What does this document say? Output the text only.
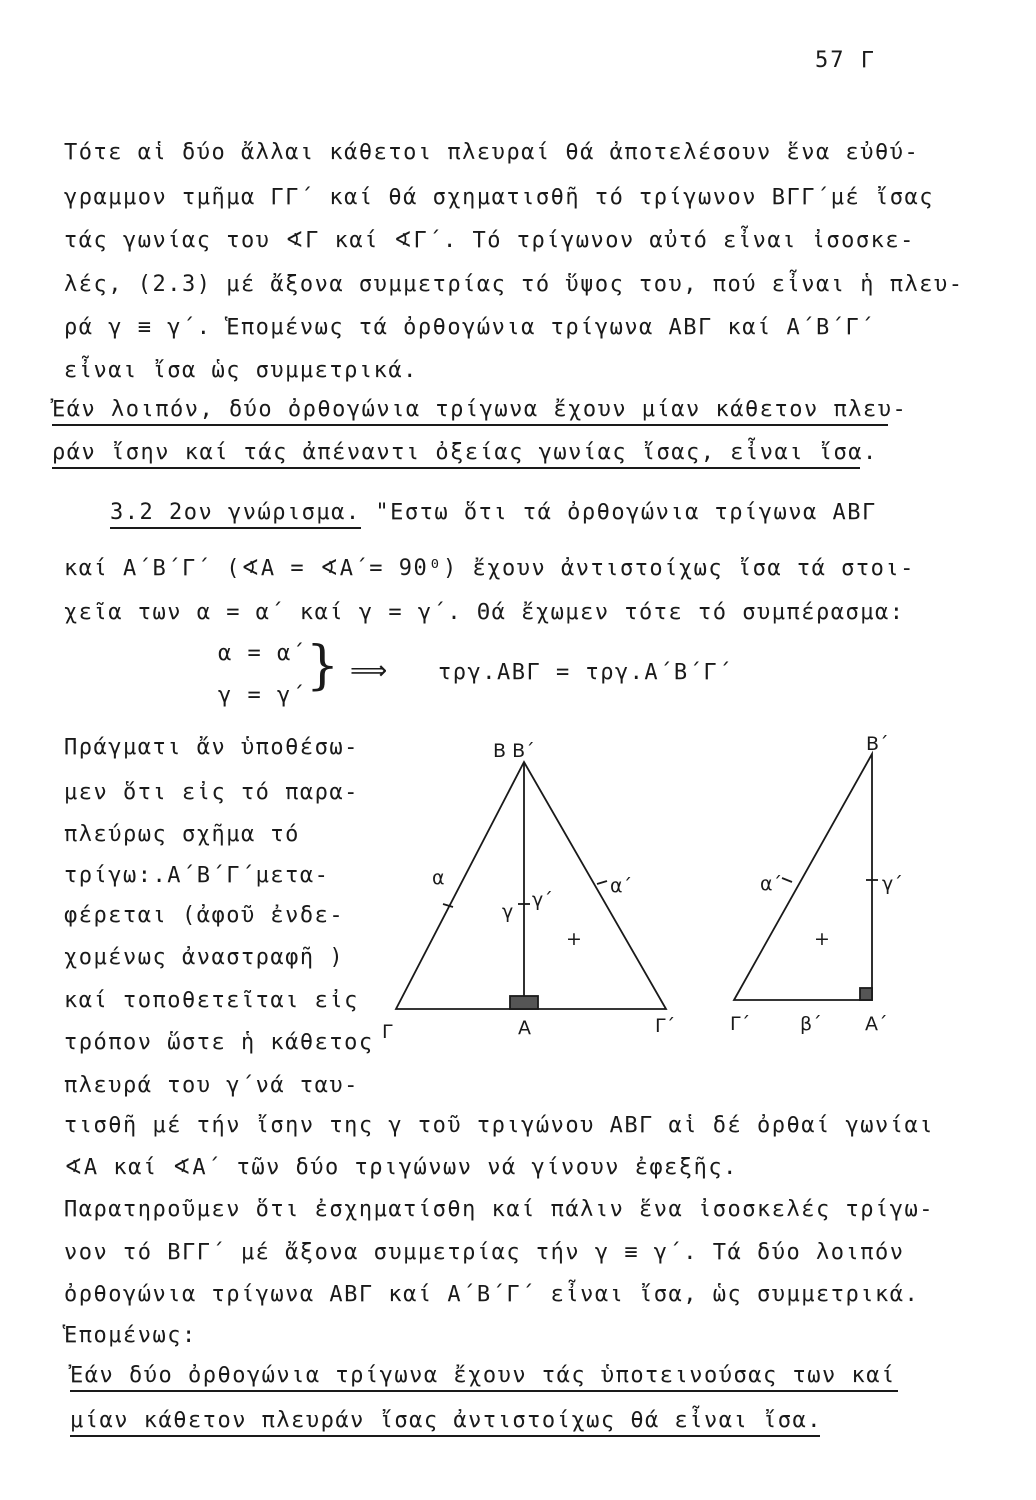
57 Γ
Τότε αἱ δύο ἄλλαι κάθετοι πλευραί θά ἀποτελέσουν ἕνα εὐθύ-
γραμμον τμῆμα ΓΓ΄ καί θά σχηματισθῆ τό τρίγωνον ΒΓΓ΄μέ ἴσας
τάς γωνίας του ∢Γ καί ∢Γ΄. Τό τρίγωνον αὐτό εἶναι ἰσοσκε-
λές, (2.3) μέ ἄξονα συμμετρίας τό ὕψος του, πού εἶναι ἡ πλευ-
ρά γ ≡ γ΄. Ἑπομένως τά ὀρθογώνια τρίγωνα ΑΒΓ καί Α΄Β΄Γ΄
εἶναι ἴσα ὡς συμμετρικά.
Ἐάν λοιπόν, δύο ὀρθογώνια τρίγωνα ἔχουν μίαν κάθετον πλευ-
ράν ἴσην καί τάς ἀπέναντι ὀξείας γωνίας ἴσας, εἶναι ἴσα.
3.2 2ον γνώρισμα. "Εστω ὅτι τά ὀρθογώνια τρίγωνα ΑΒΓ
καί Α΄Β΄Γ΄ (∢Α = ∢Α΄= 90⁰) ἔχουν ἀντιστοίχως ἴσα τά στοι-
χεῖα των α = α΄ καί γ = γ΄. Θά ἔχωμεν τότε τό συμπέρασμα:
α = α΄
γ = γ΄ } ⟹ τργ.ΑΒΓ = τργ.Α΄Β΄Γ΄
Πράγματι ἄν ὑποθέσω-
μεν ὅτι εἰς τό παρα-
πλεύρως σχῆμα τό
τρίγω:.Α΄Β΄Γ΄μετα-
φέρεται (ἀφοῦ ἐνδε-
χομένως ἀναστραφῆ )
καί τοποθετεῖται εἰς
τρόπον ὥστε ἡ κάθετος
πλευρά του γ΄νά ταυ-
Β Β΄
Γ	Α	Γ΄
α	α΄
γ
γ΄
+
Β΄
Γ΄	β΄ Α΄
α΄	γ΄
+
τισθῆ μέ τήν ἴσην της γ τοῦ τριγώνου ΑΒΓ αἱ δέ ὀρθαί γωνίαι
∢Α καί ∢Α΄ τῶν δύο τριγώνων νά γίνουν ἐφεξῆς.
Παρατηροῦμεν ὅτι ἐσχηματίσθη καί πάλιν ἕνα ἰσοσκελές τρίγω-
νον τό ΒΓΓ΄ μέ ἄξονα συμμετρίας τήν γ ≡ γ΄. Τά δύο λοιπόν
ὀρθογώνια τρίγωνα ΑΒΓ καί Α΄Β΄Γ΄ εἶναι ἴσα, ὡς συμμετρικά.
Ἑπομένως:
Ἐάν δύο ὀρθογώνια τρίγωνα ἔχουν τάς ὑποτεινούσας των καί
μίαν κάθετον πλευράν ἴσας ἀντιστοίχως θά εἶναι ἴσα.
